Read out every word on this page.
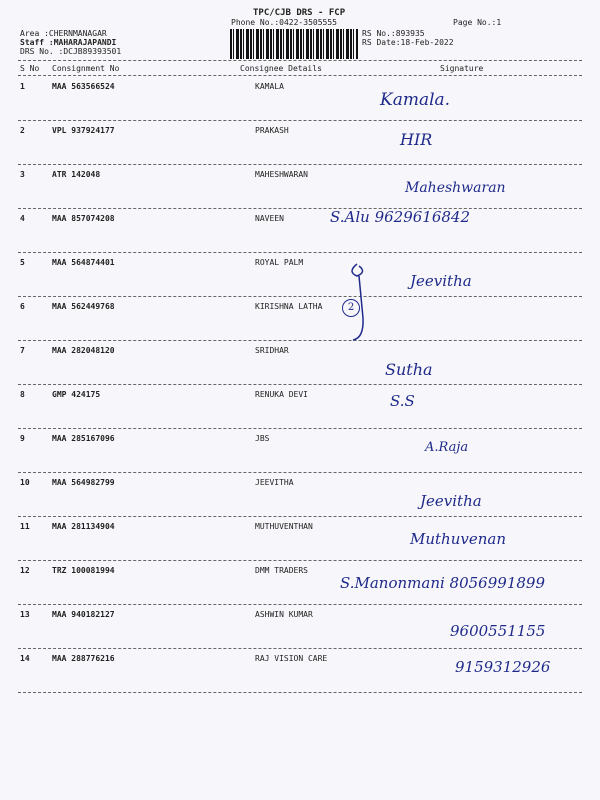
TPC/CJB DRS - FCP
Phone No.:0422-3505555
Area :CHERNMANAGAR
Staff :MAHARAJAPANDI
DRS No. :DCJB89393501
RS No.:893935
RS Date:18-Feb-2022
Page No.:1
S No Consignment No	Consignee Details	Signature
1	MAA 563566524	KAMALA
Kamala.
2	VPL 937924177	PRAKASH	HIR
3	ATR 142048	MAHESHWARAN
Maheshwaran
4	MAA 857074208	NAVEEN	S.Alu 9629616842
5	MAA 564874401	ROYAL PALM
Jeevitha
6	MAA 562449768	KIRISHNA LATHA	2
7	MAA 282048120	SRIDHAR
Sutha
8	GMP 424175	RENUKA DEVI	S.S
9	MAA 285167096	JBS
A.Raja
10	MAA 564982799	JEEVITHA
Jeevitha
11	MAA 281134904	MUTHUVENTHAN
Muthuvenan
12	TRZ 100081994	DMM TRADERS
S.Manonmani 8056991899
13	MAA 940182127	ASHWIN KUMAR
9600551155
14	MAA 288776216	RAJ VISION CARE	9159312926
